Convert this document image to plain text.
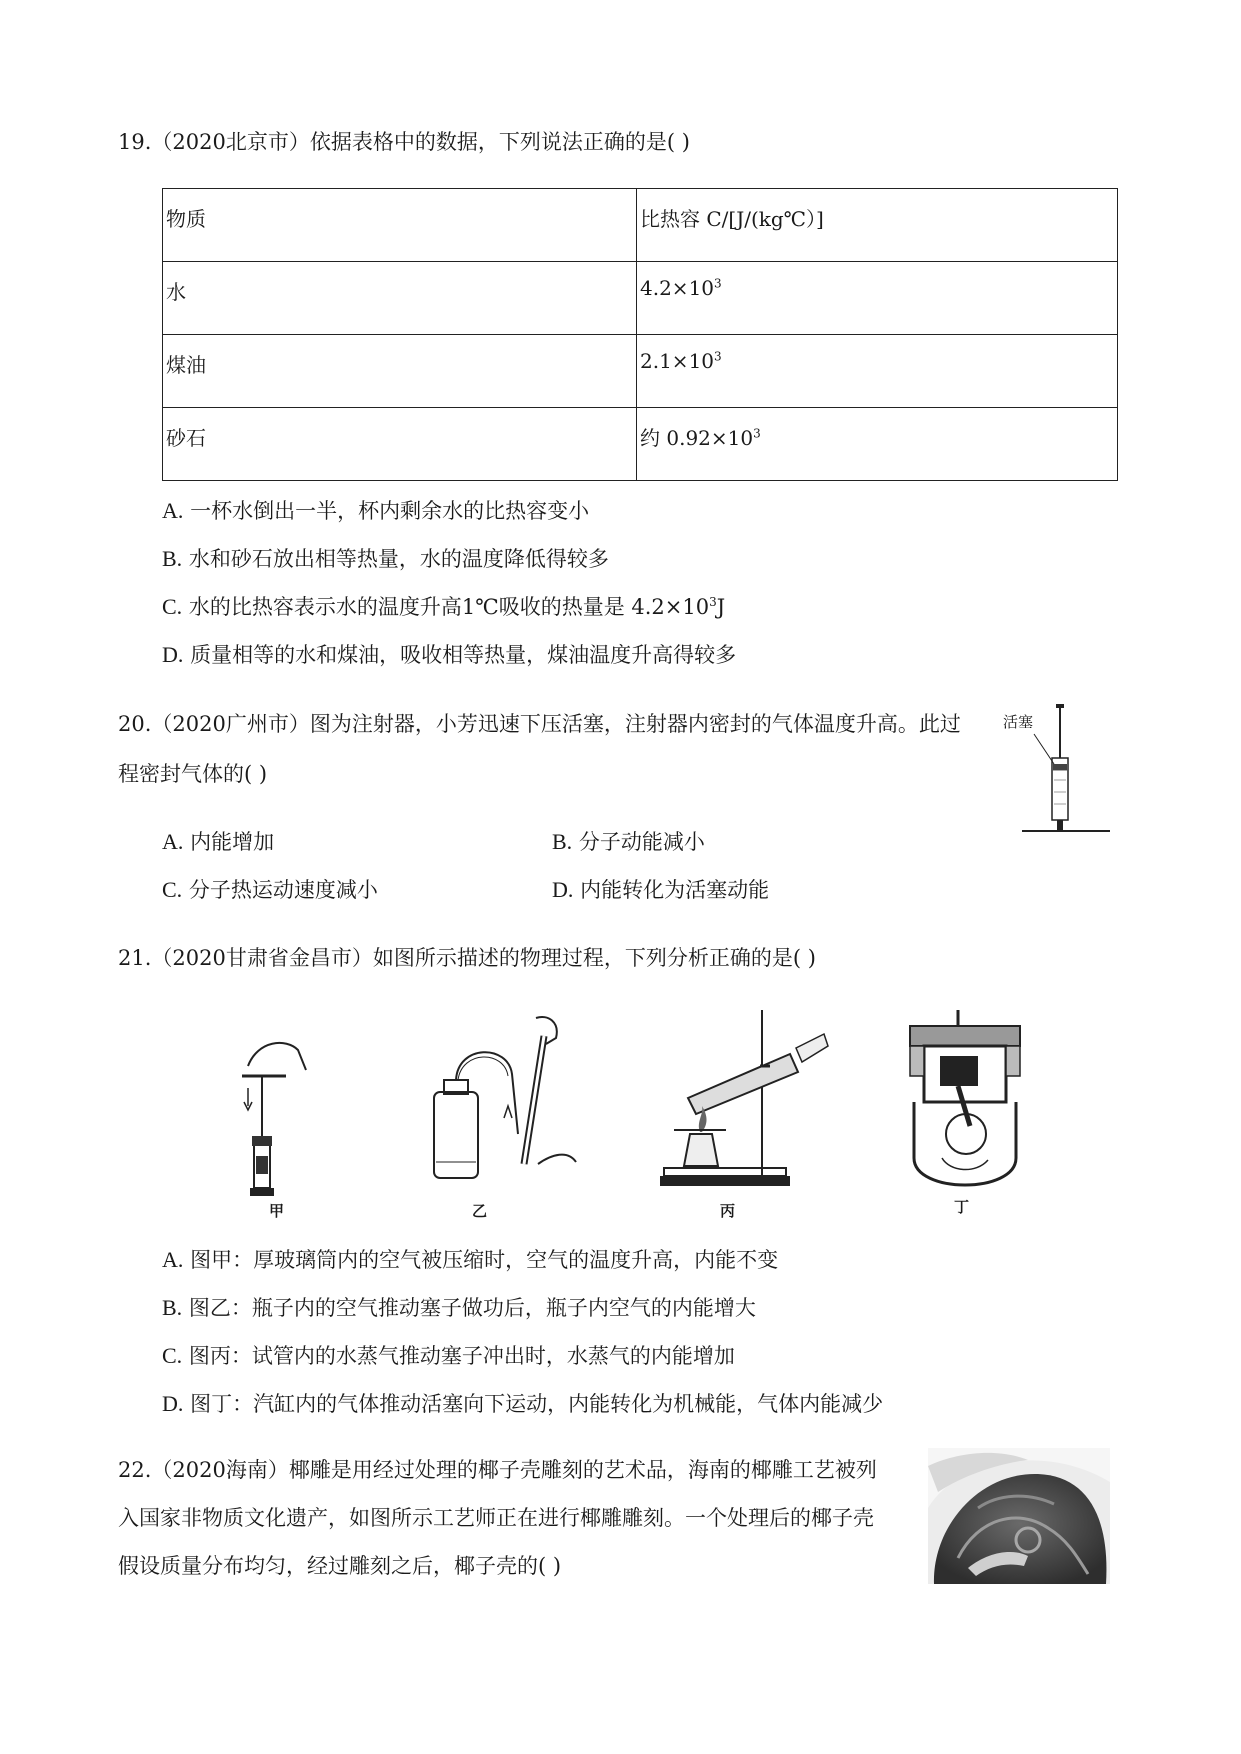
19.（2020北京市）依据表格中的数据，下列说法正确的是( )
物质	比热容 C/[J/(kg℃）]
水	$4.2\times 10^3$
煤油	$2.1\times 10^3$
砂石	约 $0.92\times 10^3$
A. 一杯水倒出一半，杯内剩余水的比热容变小
B. 水和砂石放出相等热量，水的温度降低得较多
C. 水的比热容表示水的温度升高1℃吸收的热量是 $4.2\times 10^3J$
D. 质量相等的水和煤油，吸收相等热量，煤油温度升高得较多
20.（2020广州市）图为注射器，小芳迅速下压活塞，注射器内密封的气体温度升高。此过
程密封气体的( )
活塞
A. 内能增加	B. 分子动能减小
C. 分子热运动速度减小	D. 内能转化为活塞动能
21.（2020甘肃省金昌市）如图所示描述的物理过程，下列分析正确的是( )
甲	乙	丙	丁
A. 图甲：厚玻璃筒内的空气被压缩时，空气的温度升高，内能不变
B. 图乙：瓶子内的空气推动塞子做功后，瓶子内空气的内能增大
C. 图丙：试管内的水蒸气推动塞子冲出时，水蒸气的内能增加
D. 图丁：汽缸内的气体推动活塞向下运动，内能转化为机械能，气体内能减少
22.（2020海南）椰雕是用经过处理的椰子壳雕刻的艺术品，海南的椰雕工艺被列
入国家非物质文化遗产，如图所示工艺师正在进行椰雕雕刻。一个处理后的椰子壳
假设质量分布均匀，经过雕刻之后，椰子壳的( )
